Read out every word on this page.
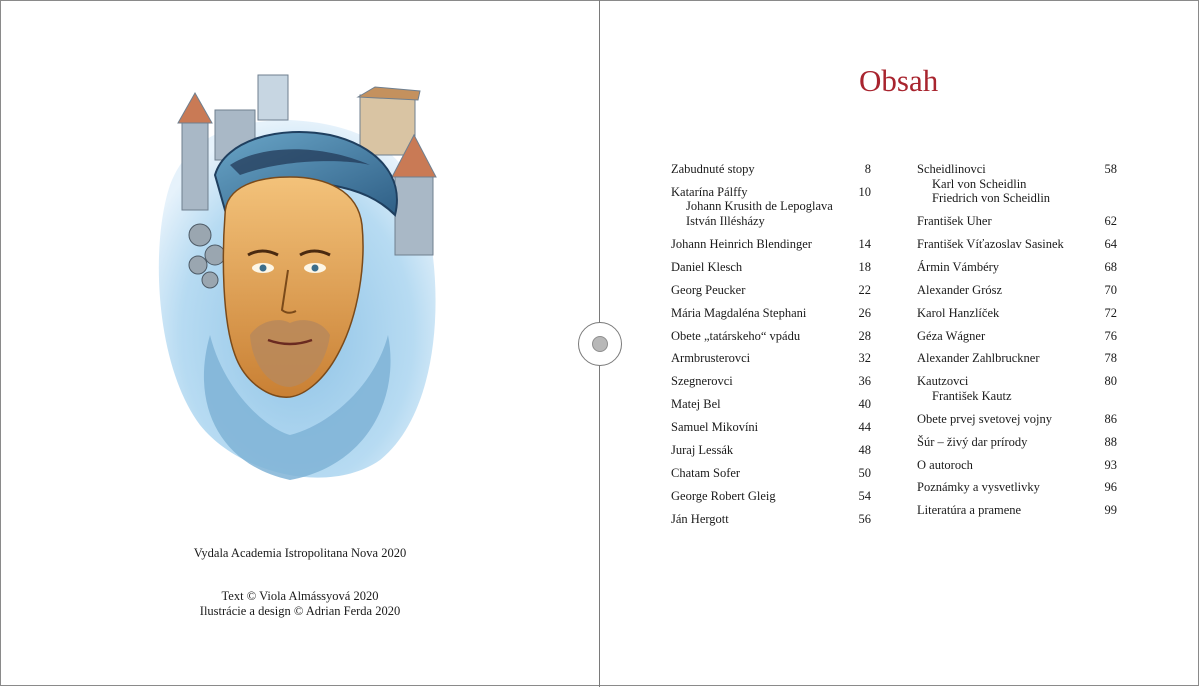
Vydala Academia Istropolitana Nova 2020
Text © Viola Almássyová 2020
Ilustrácie a design © Adrian Ferda 2020
Obsah
Zabudnuté stopy	8
Katarína Pálffy	10
Johann Krusith de Lepoglava
István Illésházy
Johann Heinrich Blendinger	14
Daniel Klesch	18
Georg Peucker	22
Mária Magdaléna Stephani	26
Obete „tatárskeho“ vpádu	28
Armbrusterovci	32
Szegnerovci	36
Matej Bel	40
Samuel Mikovíni	44
Juraj Lessák	48
Chatam Sofer	50
George Robert Gleig	54
Ján Hergott	56
Scheidlinovci	58
Karl von Scheidlin
Friedrich von Scheidlin
František Uher	62
František Víťazoslav Sasinek	64
Ármin Vámbéry	68
Alexander Grósz	70
Karol Hanzlíček	72
Géza Wágner	76
Alexander Zahlbruckner	78
Kautzovci	80
František Kautz
Obete prvej svetovej vojny	86
Šúr – živý dar prírody	88
O autoroch	93
Poznámky a vysvetlivky	96
Literatúra a pramene	99
